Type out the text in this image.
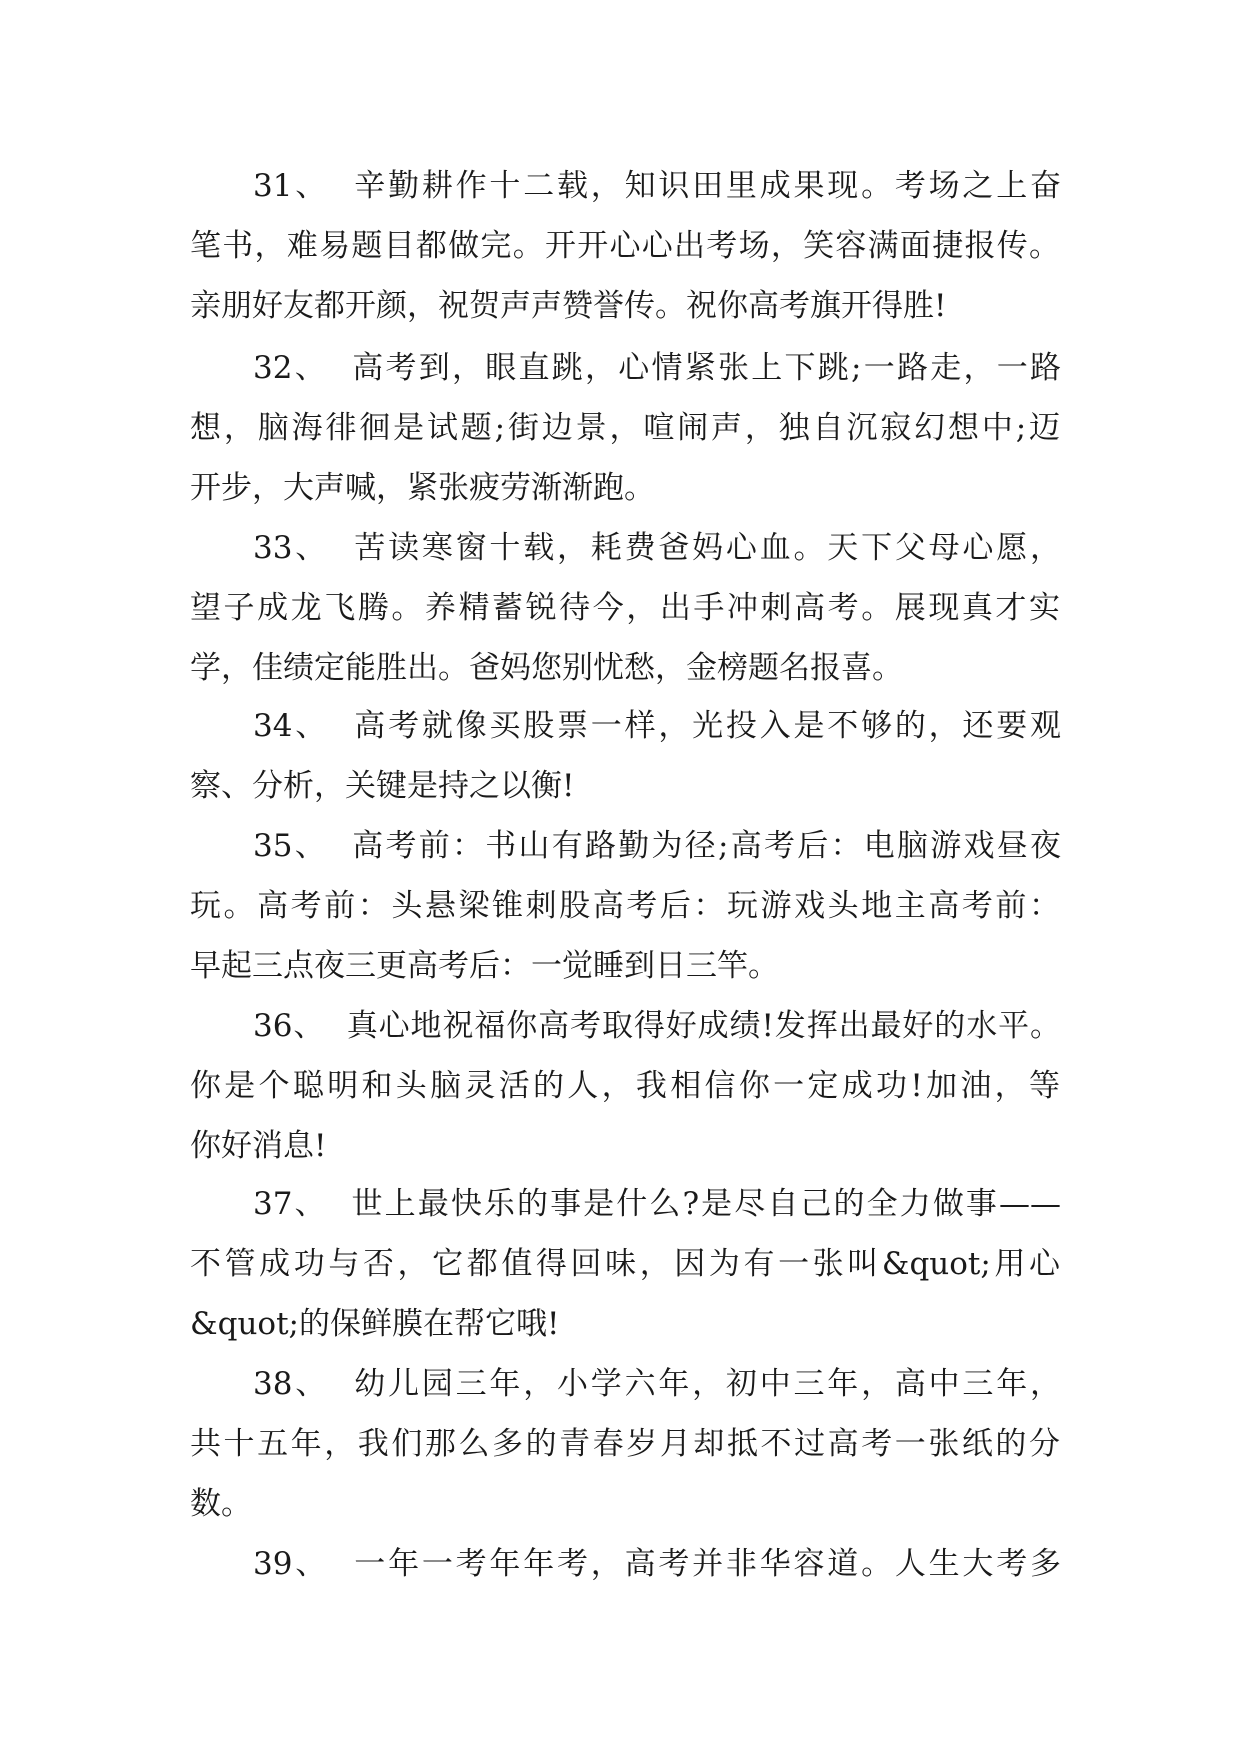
31、 辛勤耕作十二载，知识田里成果现。考场之上奋
笔书，难易题目都做完。开开心心出考场，笑容满面捷报传。
亲朋好友都开颜，祝贺声声赞誉传。祝你高考旗开得胜!
32、 高考到，眼直跳，心情紧张上下跳;一路走，一路
想，脑海徘徊是试题;街边景，喧闹声，独自沉寂幻想中;迈
开步，大声喊，紧张疲劳渐渐跑。
33、 苦读寒窗十载，耗费爸妈心血。天下父母心愿，
望子成龙飞腾。养精蓄锐待今，出手冲刺高考。展现真才实
学，佳绩定能胜出。爸妈您别忧愁，金榜题名报喜。
34、 高考就像买股票一样，光投入是不够的，还要观
察、分析，关键是持之以衡!
35、 高考前：书山有路勤为径;高考后：电脑游戏昼夜
玩。高考前：头悬梁锥刺股高考后：玩游戏头地主高考前：
早起三点夜三更高考后：一觉睡到日三竿。
36、 真心地祝福你高考取得好成绩!发挥出最好的水平。
你是个聪明和头脑灵活的人，我相信你一定成功!加油，等
你好消息!
37、 世上最快乐的事是什么?是尽自己的全力做事——
不管成功与否，它都值得回味，因为有一张叫&quot;用心
&quot;的保鲜膜在帮它哦!
38、 幼儿园三年，小学六年，初中三年，高中三年，
共十五年，我们那么多的青春岁月却抵不过高考一张纸的分
数。
39、 一年一考年年考，高考并非华容道。人生大考多
